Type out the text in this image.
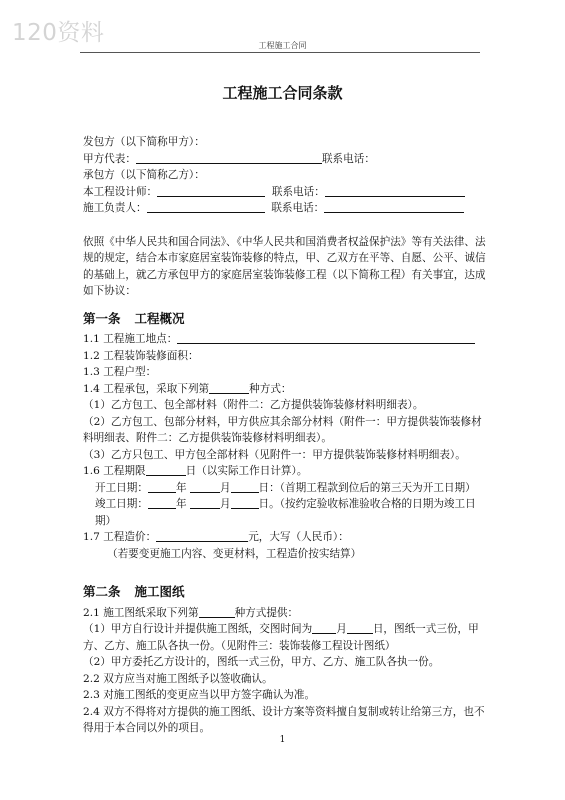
120资料	工程施工合同
工程施工合同条款

发包方（以下简称甲方）：

甲方代表：	联系电话：

承包方（以下简称乙方）：

本工程设计师：	联系电话：

施工负责人：	联系电话：

依照《中华人民共和国合同法》、《中华人民共和国消费者权益保护法》等有关法律、法规的规定，结合本市家庭居室装饰装修的特点，甲、乙双方在平等、自愿、公平、诚信的基础上，就乙方承包甲方的家庭居室装饰装修工程（以下简称工程）有关事宜，达成如下协议：

第一条 工程概况

1.1 工程施工地点：

1.2 工程装饰装修面积：

1.3 工程户型：

1.4 工程承包，采取下列第	种方式：

（1）乙方包工、包全部材料（附件二：乙方提供装饰装修材料明细表）。

（2）乙方包工、包部分材料，甲方供应其余部分材料（附件一：甲方提供装饰装修材料明细表、附件二：乙方提供装饰装修材料明细表）。

（3）乙方只包工、甲方包全部材料（见附件一：甲方提供装饰装修材料明细表）。

1.6 工程期限	日（以实际工作日计算）。

开工日期：	年	月	日：（首期工程款到位后的第三天为开工日期）

竣工日期：	年	月	日。（按约定验收标准验收合格的日期为竣工日期）

1.7 工程造价：	元，大写（人民币）：

（若要变更施工内容、变更材料，工程造价按实结算）

第二条 施工图纸

2.1 施工图纸采取下列第	种方式提供：

（1）甲方自行设计并提供施工图纸，交图时间为 月 日，图纸一式三份，甲方、乙方、施工队各执一份。（见附件三：装饰装修工程设计图纸）

（2）甲方委托乙方设计的，图纸一式三份，甲方、乙方、施工队各执一份。

2.2 双方应当对施工图纸予以签收确认。

2.3 对施工图纸的变更应当以甲方签字确认为准。

2.4 双方不得将对方提供的施工图纸、设计方案等资料擅自复制或转让给第三方，也不得用于本合同以外的项目。

1
